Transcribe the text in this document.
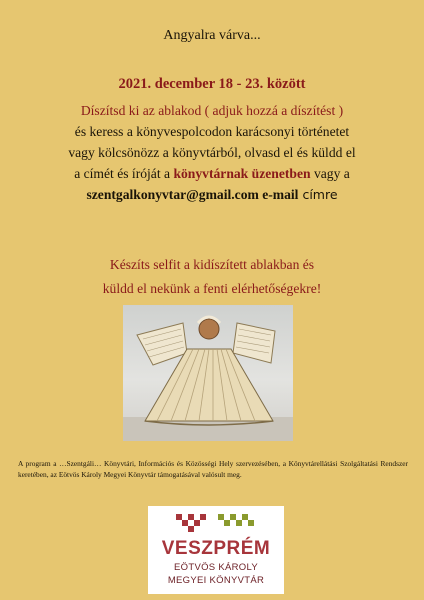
Angyalra várva...
2021. december 18 - 23. között
Díszítsd ki az ablakod ( adjuk hozzá a díszítést )
és keress a könyvespolcodon karácsonyi történetet
vagy kölcsönözz a könyvtárból, olvasd el és küldd el
a címét és íróját a könyvtárnak üzenetben vagy a
szentgalkonyvtar@gmail.com e-mail címre
Készíts selfit a kidíszített ablakban és
küldd el nekünk a fenti elérhetőségekre!
A program a …Szentgáli… Könyvtári, Információs és Közösségi Hely szervezésében, a Könyvtárellátási Szolgáltatási Rendszer keretében, az Eötvös Károly Megyei Könyvtár támogatásával valósult meg.
VESZPRÉM
EÖTVÖS KÁROLY
MEGYEI KÖNYVTÁR
